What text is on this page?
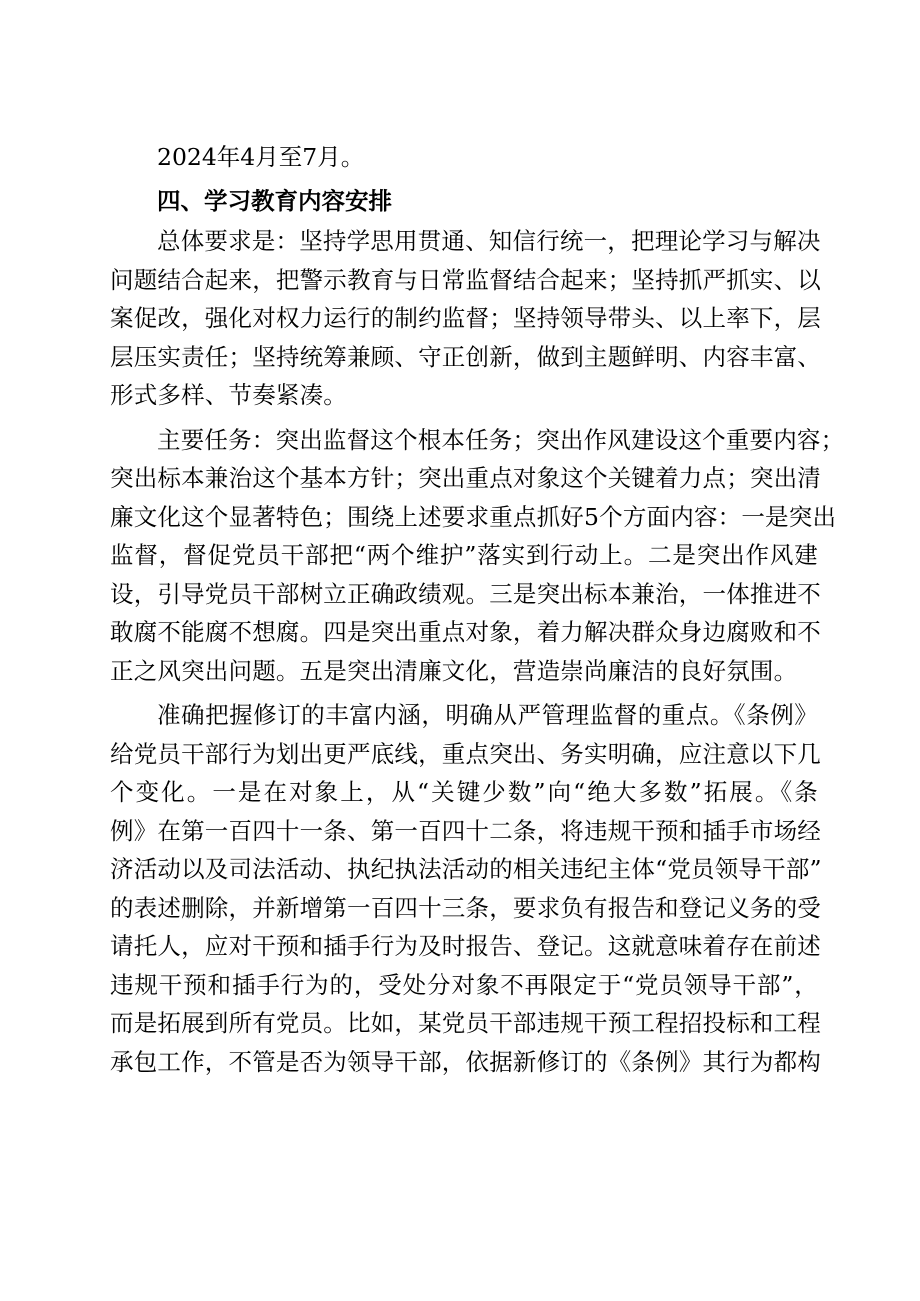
2024年4月至7月。

四、学习教育内容安排

总体要求是：坚持学思用贯通、知信行统一，把理论学习与解决
问题结合起来，把警示教育与日常监督结合起来；坚持抓严抓实、以
案促改，强化对权力运行的制约监督；坚持领导带头、以上率下，层
层压实责任；坚持统筹兼顾、守正创新，做到主题鲜明、内容丰富、
形式多样、节奏紧凑。
主要任务：突出监督这个根本任务；突出作风建设这个重要内容；
突出标本兼治这个基本方针；突出重点对象这个关键着力点；突出清
廉文化这个显著特色；围绕上述要求重点抓好5个方面内容：一是突出
监督，督促党员干部把“两个维护”落实到行动上。二是突出作风建
设，引导党员干部树立正确政绩观。三是突出标本兼治，一体推进不
敢腐不能腐不想腐。四是突出重点对象，着力解决群众身边腐败和不
正之风突出问题。五是突出清廉文化，营造崇尚廉洁的良好氛围。
准确把握修订的丰富内涵，明确从严管理监督的重点。《条例》
给党员干部行为划出更严底线，重点突出、务实明确，应注意以下几
个变化。一是在对象上，从“关键少数”向“绝大多数”拓展。《条
例》在第一百四十一条、第一百四十二条，将违规干预和插手市场经
济活动以及司法活动、执纪执法活动的相关违纪主体“党员领导干部”
的表述删除，并新增第一百四十三条，要求负有报告和登记义务的受
请托人，应对干预和插手行为及时报告、登记。这就意味着存在前述
违规干预和插手行为的，受处分对象不再限定于“党员领导干部”，
而是拓展到所有党员。比如，某党员干部违规干预工程招投标和工程
承包工作，不管是否为领导干部，依据新修订的《条例》其行为都构
